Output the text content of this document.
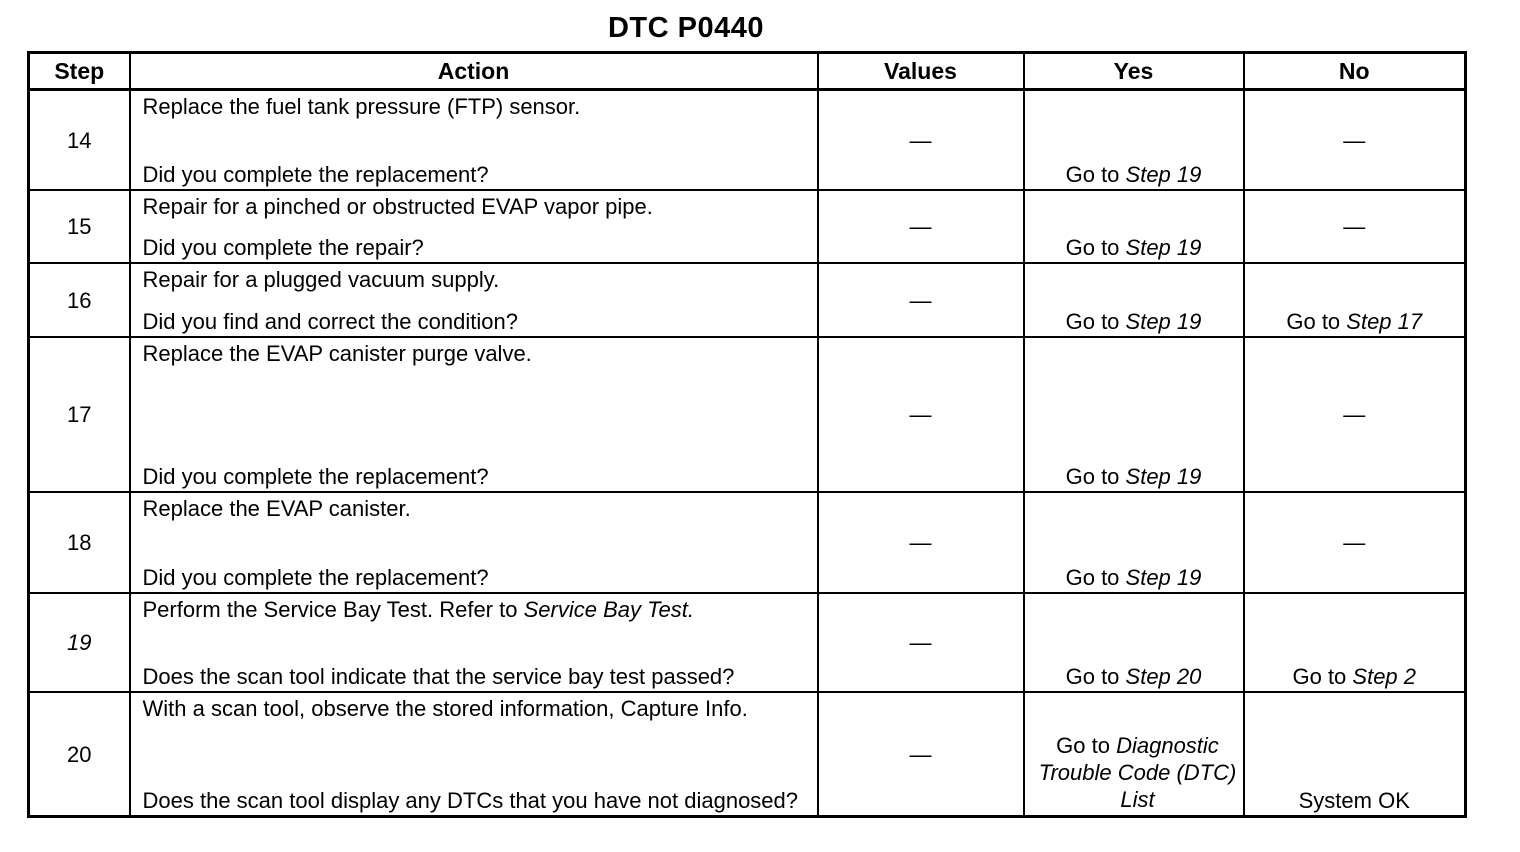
DTC P0440
Step	Action	Values	Yes	No
14	Replace the fuel tank pressure (FTP) sensor.
Did you complete the replacement?	—	Go to Step 19	—
15	Repair for a pinched or obstructed EVAP vapor pipe.
Did you complete the repair?	—	Go to Step 19	—
16	Repair for a plugged vacuum supply.
Did you find and correct the condition?	—	Go to Step 19	Go to Step 17
17	Replace the EVAP canister purge valve.
Did you complete the replacement?	—	Go to Step 19	—
18	Replace the EVAP canister.
Did you complete the replacement?	—	Go to Step 19	—
19	Perform the Service Bay Test. Refer to Service Bay Test.
Does the scan tool indicate that the service bay test passed?	—	Go to Step 20	Go to Step 2
20	With a scan tool, observe the stored information, Capture Info.
Does the scan tool display any DTCs that you have not diagnosed?	—	Go to Diagnostic Trouble Code (DTC) List	System OK
